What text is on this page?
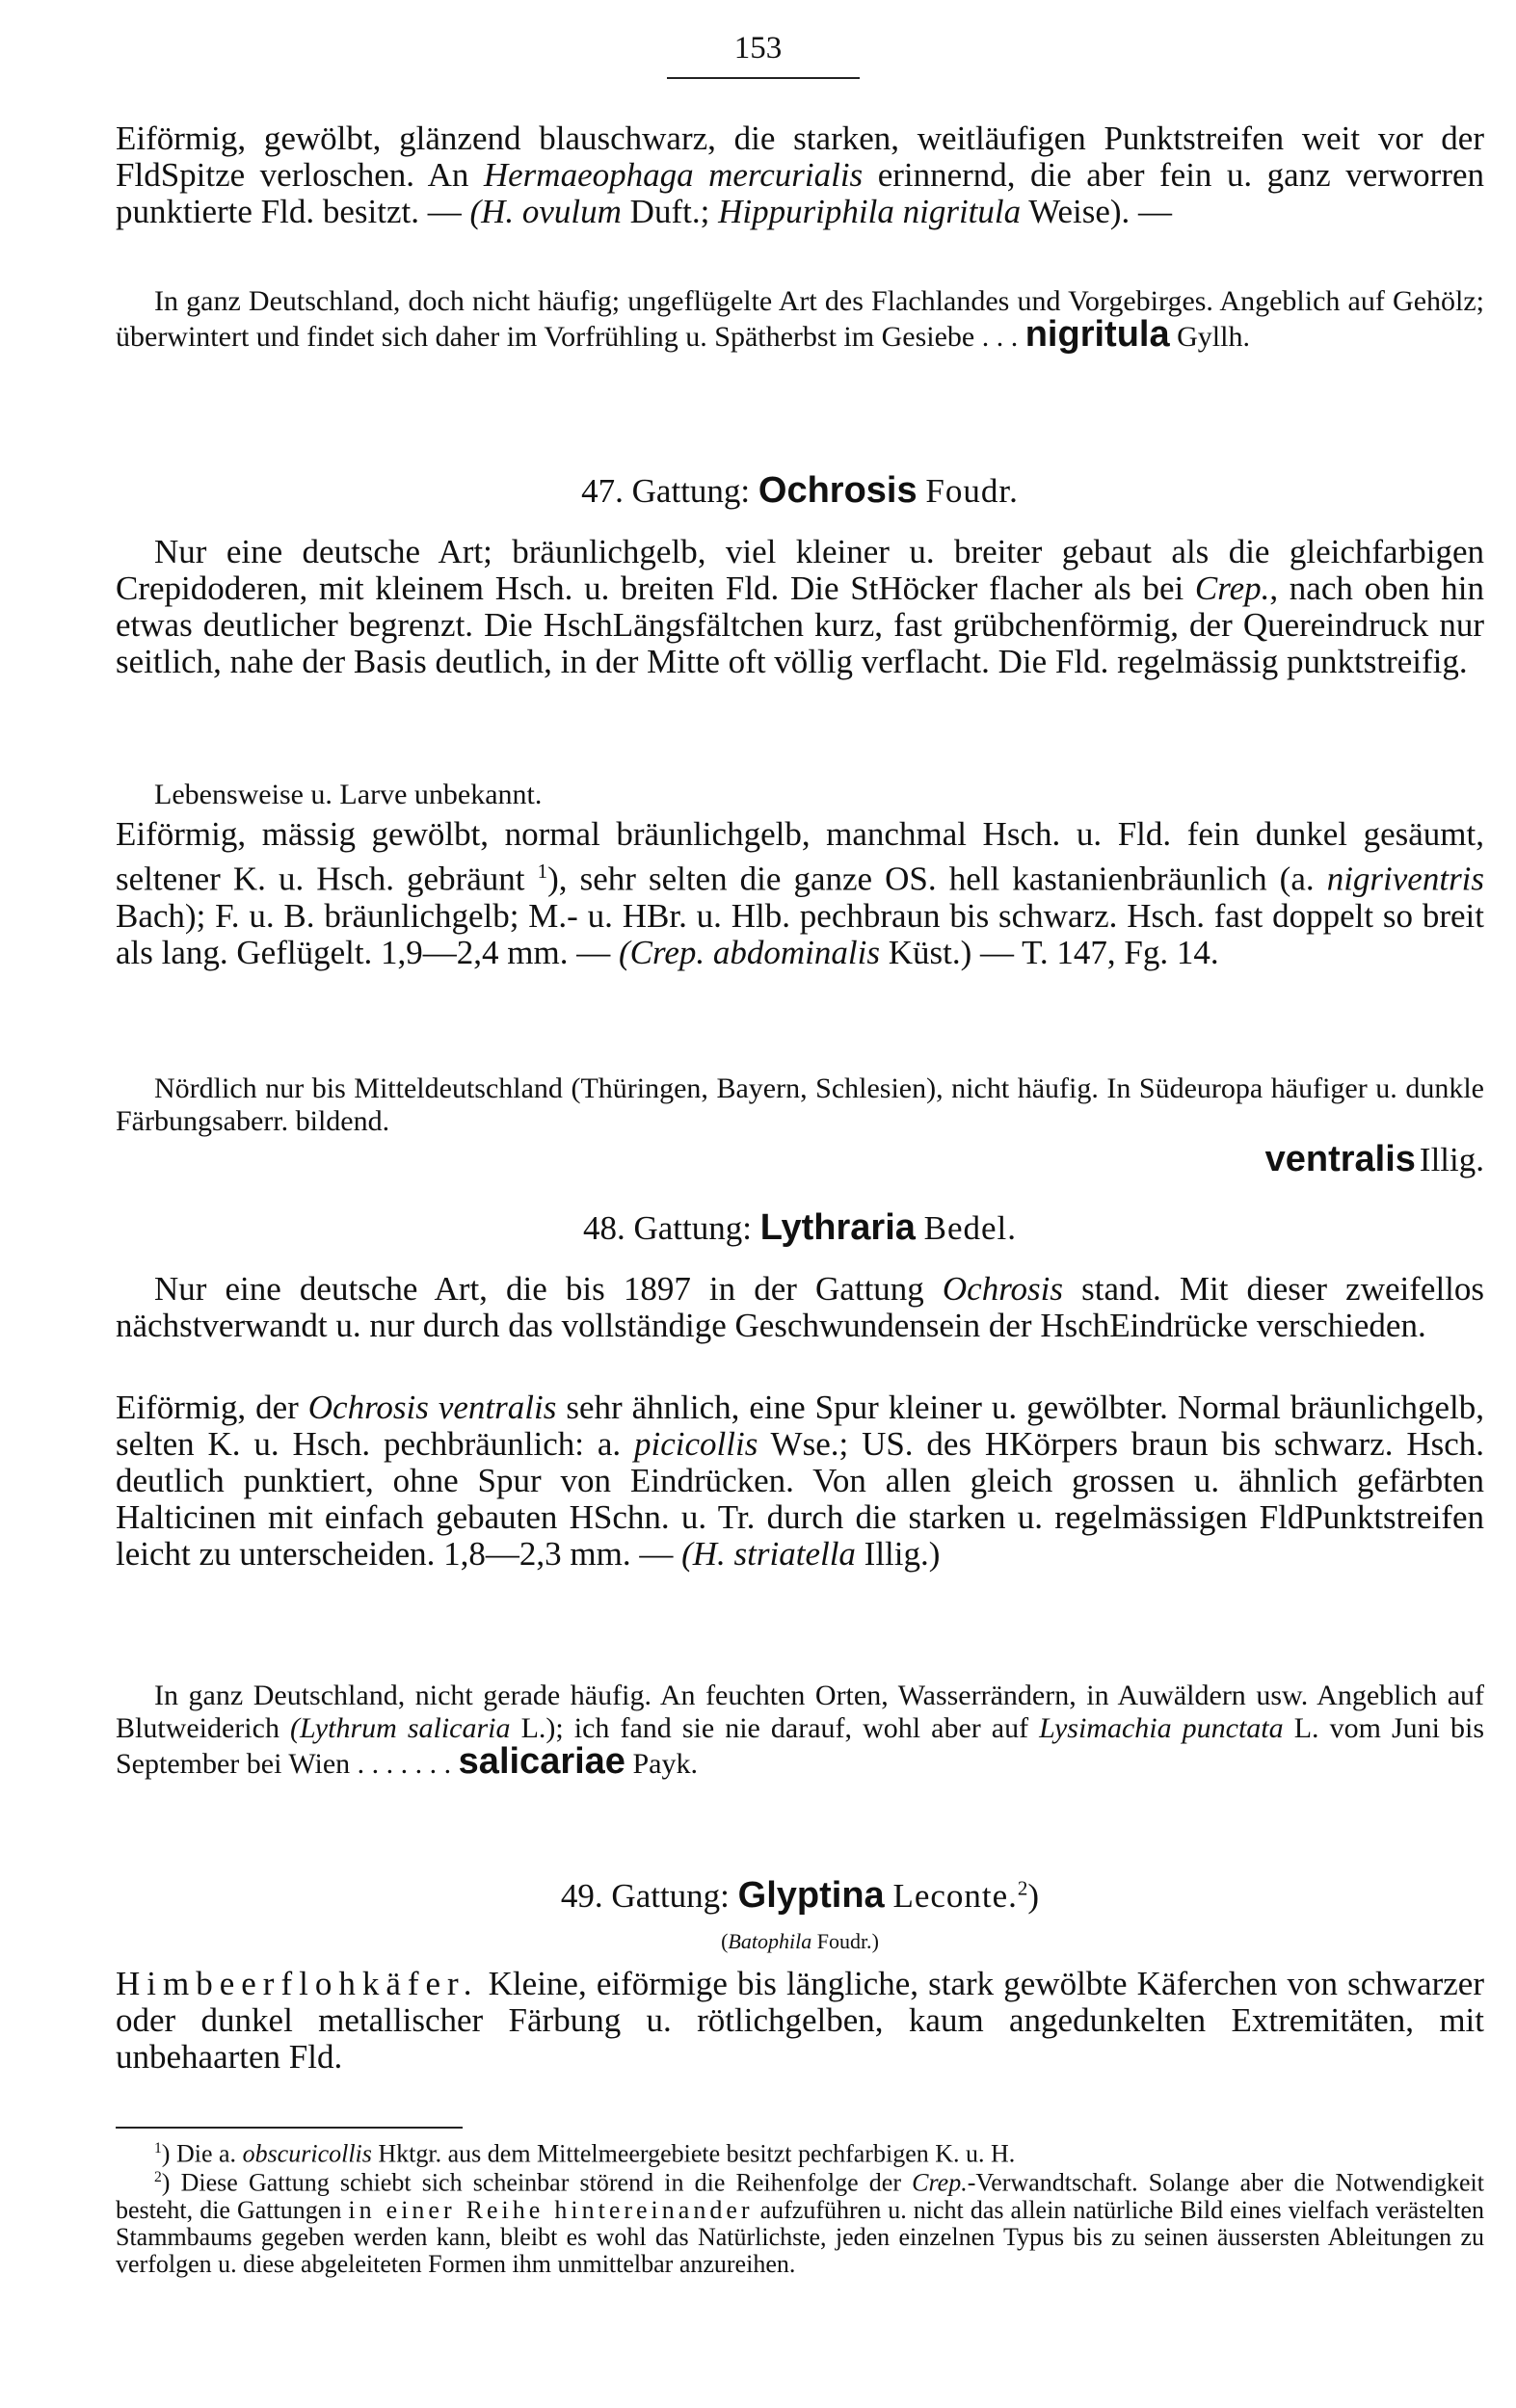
153

Eiförmig, gewölbt, glänzend blauschwarz, die starken, weitläufigen Punktstreifen weit vor der FldSpitze verloschen. An Hermaeophaga mercurialis erinnernd, die aber fein u. ganz verworren punktierte Fld. besitzt. — (H. ovulum Duft.; Hippuriphila nigritula Weise). —

In ganz Deutschland, doch nicht häufig; ungeflügelte Art des Flachlandes und Vorgebirges. Angeblich auf Gehölz; überwintert und findet sich daher im Vorfrühling u. Spätherbst im Gesiebe . . . nigritula Gyllh.

47. Gattung: Ochrosis Foudr.

Nur eine deutsche Art; bräunlichgelb, viel kleiner u. breiter gebaut als die gleichfarbigen Crepidoderen, mit kleinem Hsch. u. breiten Fld. Die StHöcker flacher als bei Crep., nach oben hin etwas deutlicher begrenzt. Die HschLängsfältchen kurz, fast grübchenförmig, der Quereindruck nur seitlich, nahe der Basis deutlich, in der Mitte oft völlig verflacht. Die Fld. regelmässig punktstreifig.

Lebensweise u. Larve unbekannt.

Eiförmig, mässig gewölbt, normal bräunlichgelb, manchmal Hsch. u. Fld. fein dunkel gesäumt, seltener K. u. Hsch. gebräunt $^1$), sehr selten die ganze OS. hell kastanienbräunlich (a. nigriventris Bach); F. u. B. bräunlichgelb; M.- u. HBr. u. Hlb. pechbraun bis schwarz. Hsch. fast doppelt so breit als lang. Geflügelt. 1,9—2,4 mm. — (Crep. abdominalis Küst.) — T. 147, Fg. 14.

Nördlich nur bis Mitteldeutschland (Thüringen, Bayern, Schlesien), nicht häufig. In Südeuropa häufiger u. dunkle Färbungsaberr. bildend.

ventralis Illig.
48. Gattung: Lythraria Bedel.

Nur eine deutsche Art, die bis 1897 in der Gattung Ochrosis stand. Mit dieser zweifellos nächstverwandt u. nur durch das vollständige Geschwundensein der HschEindrücke verschieden.

Eiförmig, der Ochrosis ventralis sehr ähnlich, eine Spur kleiner u. gewölbter. Normal bräunlichgelb, selten K. u. Hsch. pechbräunlich: a. picicollis Wse.; US. des HKörpers braun bis schwarz. Hsch. deutlich punktiert, ohne Spur von Eindrücken. Von allen gleich grossen u. ähnlich gefärbten Halticinen mit einfach gebauten HSchn. u. Tr. durch die starken u. regelmässigen FldPunktstreifen leicht zu unterscheiden. 1,8—2,3 mm. — (H. striatella Illig.)

In ganz Deutschland, nicht gerade häufig. An feuchten Orten, Wasserrändern, in Auwäldern usw. Angeblich auf Blutweiderich (Lythrum salicaria L.); ich fand sie nie darauf, wohl aber auf Lysimachia punctata L. vom Juni bis September bei Wien . . . . . . . salicariae Payk.

49. Gattung: Glyptina Leconte.$^2$)
(Batophila Foudr.)

Himbeerflohkäfer. Kleine, eiförmige bis längliche, stark gewölbte Käferchen von schwarzer oder dunkel metallischer Färbung u. rötlichgelben, kaum angedunkelten Extremitäten, mit unbehaarten Fld.

$^1$) Die a. obscuricollis Hktgr. aus dem Mittelmeergebiete besitzt pechfarbigen K. u. H.

$^2$) Diese Gattung schiebt sich scheinbar störend in die Reihenfolge der Crep.-Verwandtschaft. Solange aber die Notwendigkeit besteht, die Gattungen in einer Reihe hintereinander aufzuführen u. nicht das allein natürliche Bild eines vielfach verästelten Stammbaums gegeben werden kann, bleibt es wohl das Natürlichste, jeden einzelnen Typus bis zu seinen äussersten Ableitungen zu verfolgen u. diese abgeleiteten Formen ihm unmittelbar anzureihen.
